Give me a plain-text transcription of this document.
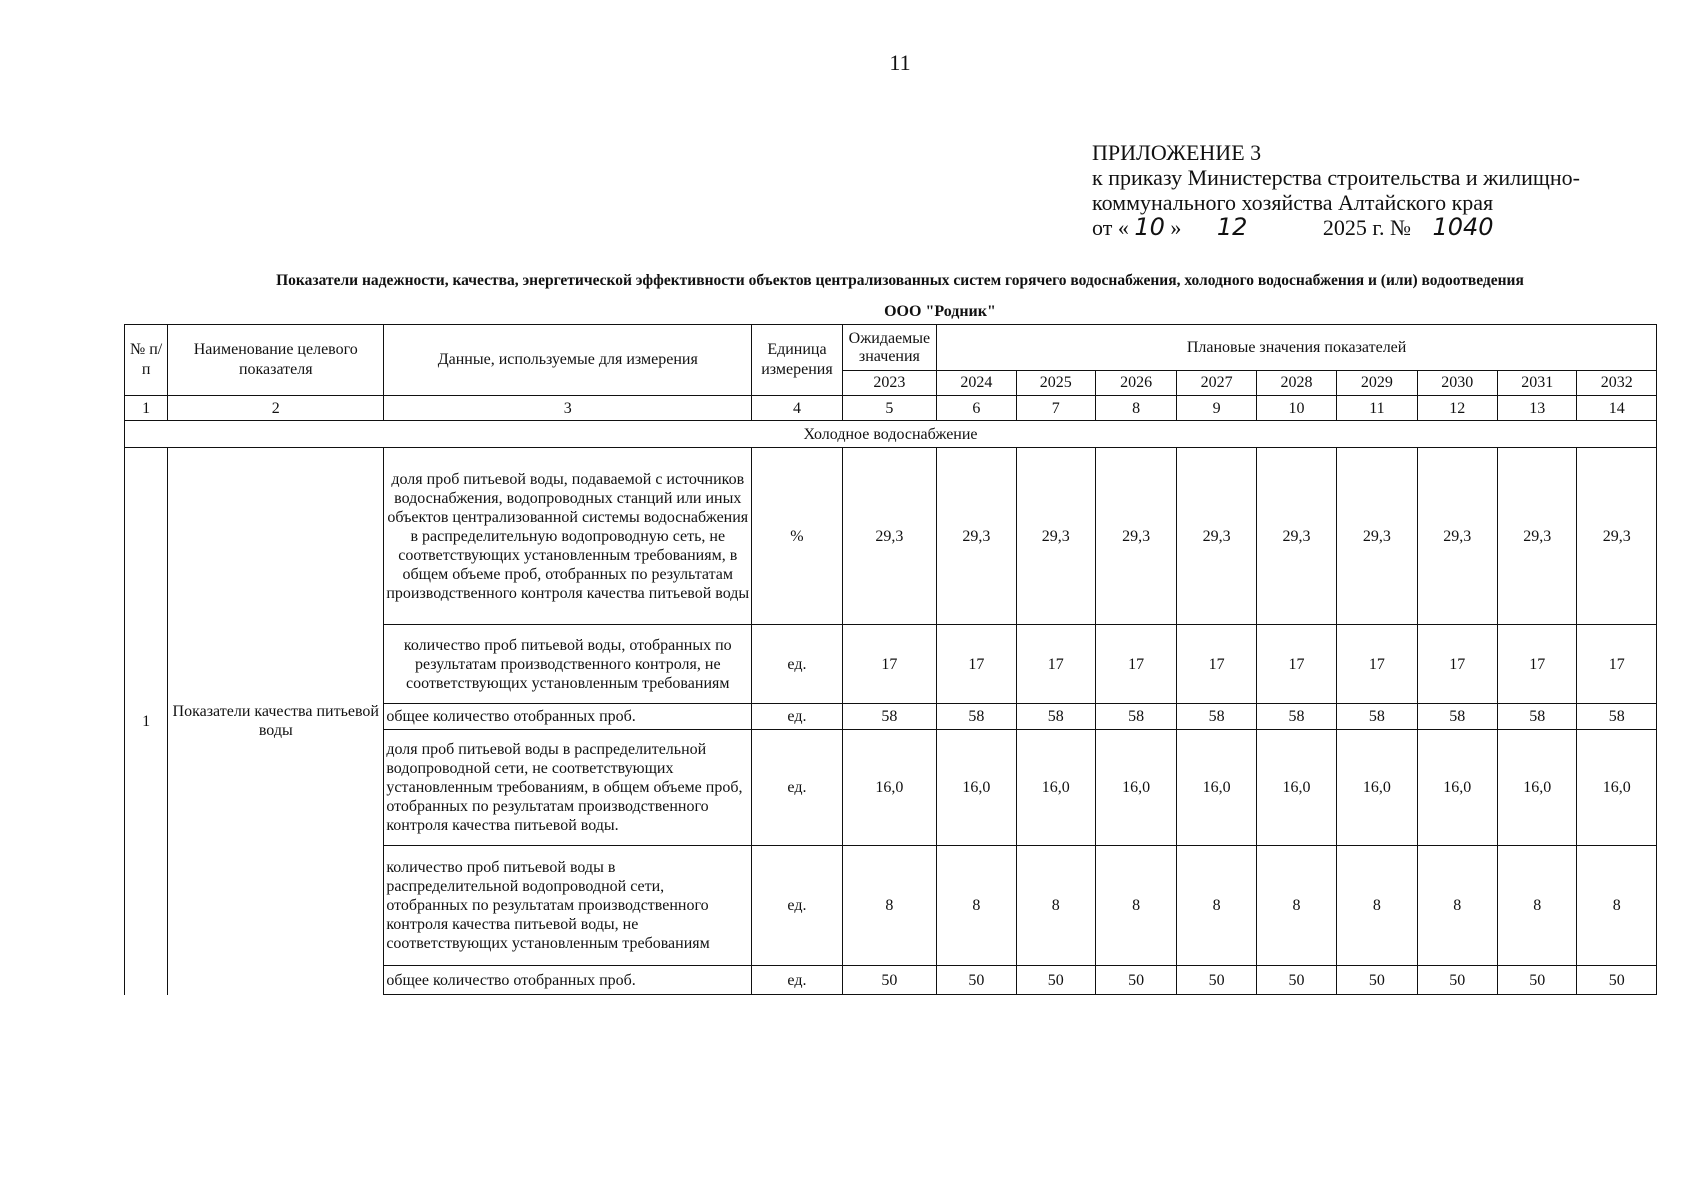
11
ПРИЛОЖЕНИЕ 3
к приказу Министерства строительства и жилищно-
коммунального хозяйства Алтайского края
от « 10 » 12	2025 г. № 1040
Показатели надежности, качества, энергетической эффективности объектов централизованных систем горячего водоснабжения, холодного водоснабжения и (или) водоотведения
ООО "Родник"
№ п/п	Наименование целевого показателя	Данные, используемые для измерения	Единица измерения	Ожидаемые значения	Плановые значения показателей								
				2023	2024	2025	2026	2027	2028	2029	2030	2031	2032
1	2	3	4	5	6	7	8	9	10	11	12	13	14
Холодное водоснабжение													
1	Показатели качества питьевой воды	доля проб питьевой воды, подаваемой с источников водоснабжения, водопроводных станций или иных объектов централизованной системы водоснабжения в распределительную водопроводную сеть, не соответствующих установленным требованиям, в общем объеме проб, отобранных по результатам производственного контроля качества питьевой воды	%	29,3	29,3	29,3	29,3	29,3	29,3	29,3	29,3	29,3	29,3
		количество проб питьевой воды, отобранных по результатам производственного контроля, не соответствующих установленным требованиям	ед.	17	17	17	17	17	17	17	17	17	17
		общее количество отобранных проб.	ед.	58	58	58	58	58	58	58	58	58	58
		доля проб питьевой воды в распределительной водопроводной сети, не соответствующих установленным требованиям, в общем объеме проб, отобранных по результатам производственного контроля качества питьевой воды.	ед.	16,0	16,0	16,0	16,0	16,0	16,0	16,0	16,0	16,0	16,0
		количество проб питьевой воды в распределительной водопроводной сети, отобранных по результатам производственного контроля качества питьевой воды, не соответствующих установленным требованиям	ед.	8	8	8	8	8	8	8	8	8	8
		общее количество отобранных проб.	ед.	50	50	50	50	50	50	50	50	50	50
